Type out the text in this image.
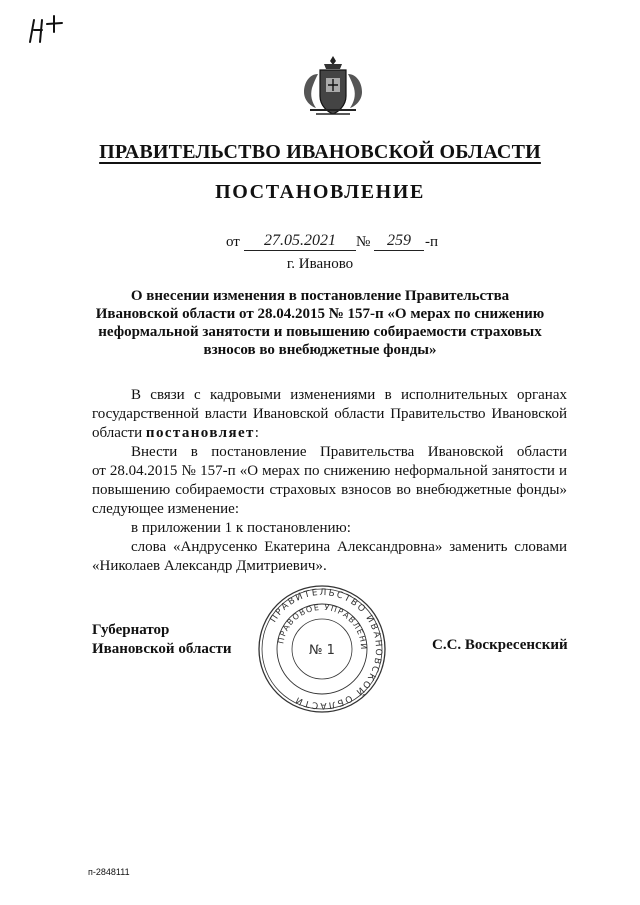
ПРАВИТЕЛЬСТВО ИВАНОВСКОЙ ОБЛАСТИ
ПОСТАНОВЛЕНИЕ
от	27.05.2021	№	259 -п
г. Иваново
О внесении изменения в постановление Правительства
Ивановской области от 28.04.2015 № 157-п «О мерах по снижению
неформальной занятости и повышению собираемости страховых
взносов во внебюджетные фонды»
В связи с кадровыми изменениями в исполнительных органах
государственной власти Ивановской области Правительство Ивановской
области постановляет:
Внести в постановление Правительства Ивановской области
от 28.04.2015 № 157-п «О мерах по снижению неформальной занятости и
повышению собираемости страховых взносов во внебюджетные фонды»
следующее изменение:
в приложении 1 к постановлению:
слова «Андрусенко Екатерина Александровна» заменить словами
«Николаев Александр Дмитриевич».
Губернатор
Ивановской области	С.С. Воскресенский
ПРАВИТЕЛЬСТВО ИВАНОВСКОЙ ОБЛАСТИ
ПРАВОВОЕ УПРАВЛЕНИ
№ 1
п-2848111
